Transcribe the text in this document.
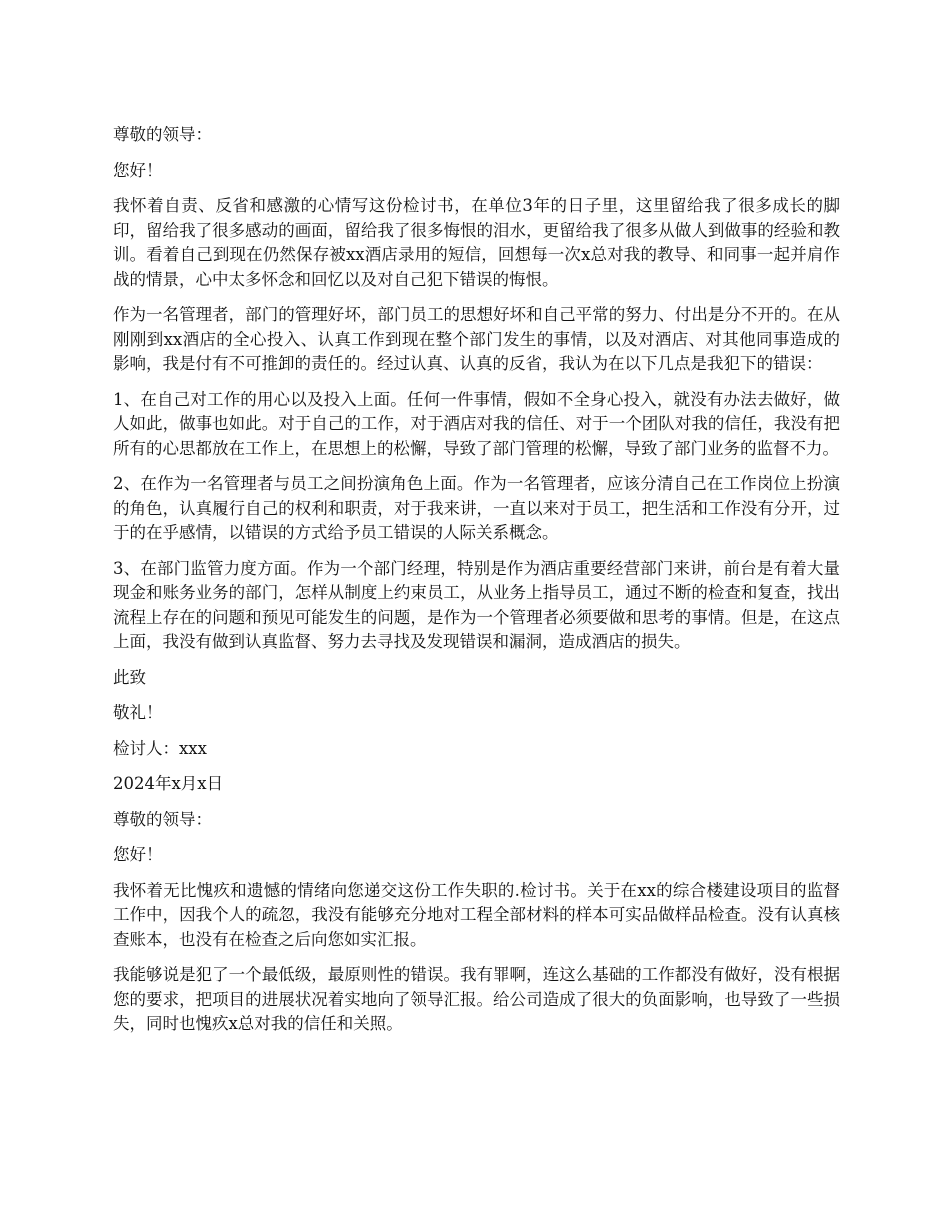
尊敬的领导：

您好！

我怀着自责、反省和感激的心情写这份检讨书，在单位3年的日子里，这里留给我了很多成长的脚印，留给我了很多感动的画面，留给我了很多悔恨的泪水，更留给我了很多从做人到做事的经验和教训。看着自己到现在仍然保存被xx酒店录用的短信，回想每一次x总对我的教导、和同事一起并肩作战的情景，心中太多怀念和回忆以及对自己犯下错误的悔恨。

作为一名管理者，部门的管理好坏，部门员工的思想好坏和自己平常的努力、付出是分不开的。在从刚刚到xx酒店的全心投入、认真工作到现在整个部门发生的事情，以及对酒店、对其他同事造成的影响，我是付有不可推卸的责任的。经过认真、认真的反省，我认为在以下几点是我犯下的错误：

1、在自己对工作的用心以及投入上面。任何一件事情，假如不全身心投入，就没有办法去做好，做人如此，做事也如此。对于自己的工作，对于酒店对我的信任、对于一个团队对我的信任，我没有把所有的心思都放在工作上，在思想上的松懈，导致了部门管理的松懈，导致了部门业务的监督不力。

2、在作为一名管理者与员工之间扮演角色上面。作为一名管理者，应该分清自己在工作岗位上扮演的角色，认真履行自己的权利和职责，对于我来讲，一直以来对于员工，把生活和工作没有分开，过于的在乎感情，以错误的方式给予员工错误的人际关系概念。

3、在部门监管力度方面。作为一个部门经理，特别是作为酒店重要经营部门来讲，前台是有着大量现金和账务业务的部门，怎样从制度上约束员工，从业务上指导员工，通过不断的检查和复查，找出流程上存在的问题和预见可能发生的问题，是作为一个管理者必须要做和思考的事情。但是，在这点上面，我没有做到认真监督、努力去寻找及发现错误和漏洞，造成酒店的损失。

此致

敬礼！

检讨人：xxx

2024年x月x日

尊敬的领导：

您好！

我怀着无比愧疚和遗憾的情绪向您递交这份工作失职的.检讨书。关于在xx的综合楼建设项目的监督工作中，因我个人的疏忽，我没有能够充分地对工程全部材料的样本可实品做样品检查。没有认真核查账本，也没有在检查之后向您如实汇报。

我能够说是犯了一个最低级，最原则性的错误。我有罪啊，连这么基础的工作都没有做好，没有根据您的要求，把项目的进展状况着实地向了领导汇报。给公司造成了很大的负面影响，也导致了一些损失，同时也愧疚x总对我的信任和关照。
